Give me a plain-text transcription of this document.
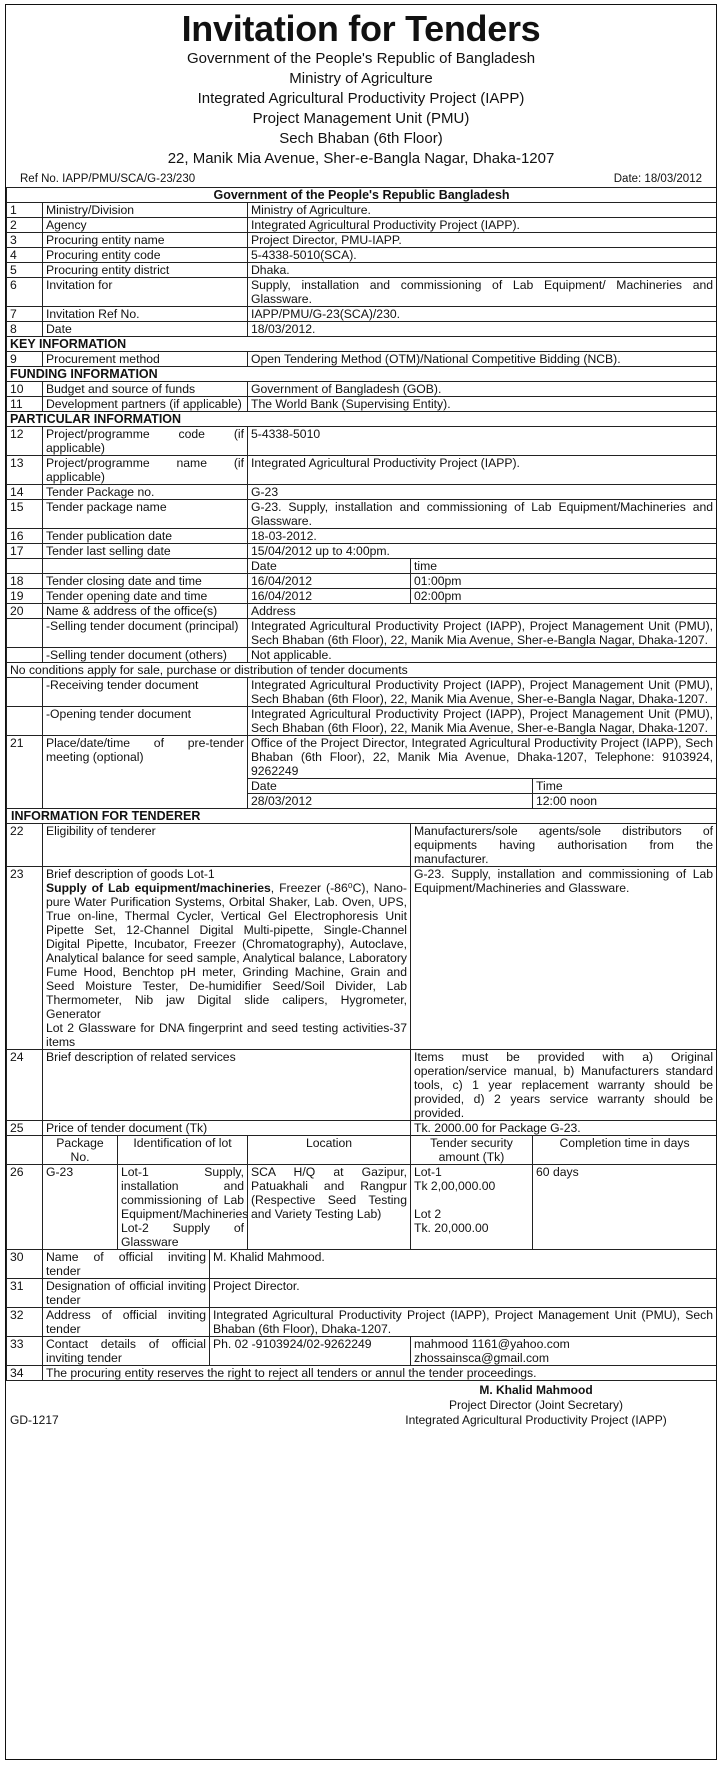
Invitation for Tenders
Government of the People's Republic of Bangladesh
Ministry of Agriculture
Integrated Agricultural Productivity Project (IAPP)
Project Management Unit (PMU)
Sech Bhaban (6th Floor)
22, Manik Mia Avenue, Sher-e-Bangla Nagar, Dhaka-1207
Ref No. IAPP/PMU/SCA/G-23/230	Date: 18/03/2012
Government of the People's Republic Bangladesh						
1	Ministry/Division			Ministry of Agriculture.		
2	Agency			Integrated Agricultural Productivity Project (IAPP).		
3	Procuring entity name			Project Director, PMU-IAPP.		
4	Procuring entity code			5-4338-5010(SCA).		
5	Procuring entity district			Dhaka.		
6	Invitation for			Supply, installation and commissioning of Lab Equipment/ Machineries and Glassware.		
7	Invitation Ref No.			IAPP/PMU/G-23(SCA)/230.		
8	Date			18/03/2012.		
KEY INFORMATION						
9	Procurement method			Open Tendering Method (OTM)/National Competitive Bidding (NCB).		
FUNDING INFORMATION						
10	Budget and source of funds			Government of Bangladesh (GOB).		
11	Development partners (if applicable)			The World Bank (Supervising Entity).		
PARTICULAR INFORMATION						
12	Project/programme code (if applicable)			5-4338-5010		
13	Project/programme name (if applicable)			Integrated Agricultural Productivity Project (IAPP).		
14	Tender Package no.			G-23		
15	Tender package name			G-23. Supply, installation and commissioning of Lab Equipment/Machineries and Glassware.		
16	Tender publication date			18-03-2012.		
17	Tender last selling date			15/04/2012 up to 4:00pm.		
				Date	time	
18	Tender closing date and time			16/04/2012	01:00pm	
19	Tender opening date and time			16/04/2012	02:00pm	
20	Name & address of the office(s)			Address		
	-Selling tender document (principal)			Integrated Agricultural Productivity Project (IAPP), Project Management Unit (PMU), Sech Bhaban (6th Floor), 22, Manik Mia Avenue, Sher-e-Bangla Nagar, Dhaka-1207.		
	-Selling tender document (others)			Not applicable.		
No conditions apply for sale, purchase or distribution of tender documents						
	-Receiving tender document			Integrated Agricultural Productivity Project (IAPP), Project Management Unit (PMU), Sech Bhaban (6th Floor), 22, Manik Mia Avenue, Sher-e-Bangla Nagar, Dhaka-1207.		
	-Opening tender document			Integrated Agricultural Productivity Project (IAPP), Project Management Unit (PMU), Sech Bhaban (6th Floor), 22, Manik Mia Avenue, Sher-e-Bangla Nagar, Dhaka-1207.		
21	Place/date/time of pre-tender meeting (optional)			Office of the Project Director, Integrated Agricultural Productivity Project (IAPP), Sech Bhaban (6th Floor), 22, Manik Mia Avenue, Dhaka-1207, Telephone: 9103924, 9262249		
				Date		Time
				28/03/2012		12:00 noon
INFORMATION FOR TENDERER						
22	Eligibility of tenderer				Manufacturers/sole agents/sole distributors of equipments having authorisation from the manufacturer.	
23	Brief description of goods Lot-1
Supply of Lab equipment/machineries, Freezer (-86⁰C), Nano-pure Water Purification Systems, Orbital Shaker, Lab. Oven, UPS, True on-line, Thermal Cycler, Vertical Gel Electrophoresis Unit Pipette Set, 12-Channel Digital Multi-pipette, Single-Channel Digital Pipette, Incubator, Freezer (Chromatography), Autoclave, Analytical balance for seed sample, Analytical balance, Laboratory Fume Hood, Benchtop pH meter, Grinding Machine, Grain and Seed Moisture Tester, De-humidifier Seed/Soil Divider, Lab Thermometer, Nib jaw Digital slide calipers, Hygrometer, Generator
Lot 2 Glassware for DNA fingerprint and seed testing activities-37 items				G-23. Supply, installation and commissioning of Lab Equipment/Machineries and Glassware.	
24	Brief description of related services				Items must be provided with a) Original operation/service manual, b) Manufacturers standard tools, c) 1 year replacement warranty should be provided, d) 2 years service warranty should be provided.	
25	Price of tender document (Tk)				Tk. 2000.00 for Package G-23.	
	Package No.	Identification of lot		Location	Tender security amount (Tk)	Completion time in days
26	G-23	Lot-1 Supply, installation and commissioning of Lab Equipment/Machineries Lot-2 Supply of Glassware		SCA H/Q at Gazipur, Patuakhali and Rangpur (Respective Seed Testing and Variety Testing Lab)	Lot-1
Tk 2,00,000.00
Lot 2
Tk. 20,000.00	60 days
30	Name of official inviting tender		M. Khalid Mahmood.			
31	Designation of official inviting tender		Project Director.			
32	Address of official inviting tender		Integrated Agricultural Productivity Project (IAPP), Project Management Unit (PMU), Sech Bhaban (6th Floor), Dhaka-1207.			
33	Contact details of official inviting tender		Ph. 02 -9103924/02-9262249		mahmood 1161@yahoo.com
zhossainsca@gmail.com	

34	The procuring entity reserves the right to reject all tenders or annul the tender proceedings.					
M. Khalid Mahmood
Project Director (Joint Secretary)
Integrated Agricultural Productivity Project (IAPP)
GD-1217
